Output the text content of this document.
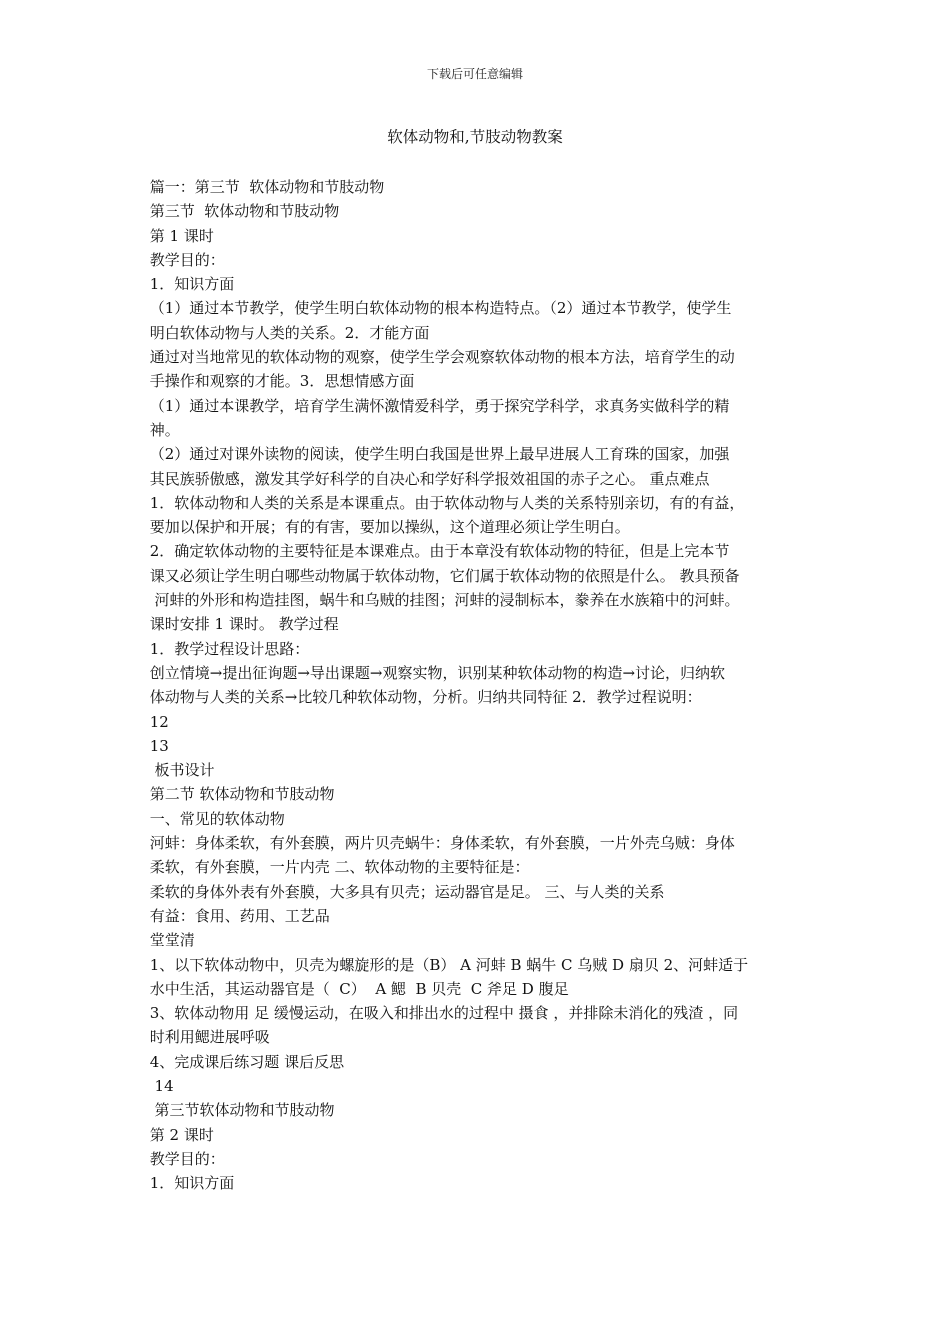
下载后可任意编辑
软体动物和,节肢动物教案
篇一：第三节  软体动物和节肢动物
第三节  软体动物和节肢动物
第 1 课时
教学目的：
1．知识方面
（1）通过本节教学，使学生明白软体动物的根本构造特点。（2）通过本节教学，使学生
明白软体动物与人类的关系。2．才能方面
通过对当地常见的软体动物的观察，使学生学会观察软体动物的根本方法，培育学生的动
手操作和观察的才能。3．思想情感方面
（1）通过本课教学，培育学生满怀激情爱科学，勇于探究学科学，求真务实做科学的精
神。
（2）通过对课外读物的阅读，使学生明白我国是世界上最早进展人工育珠的国家，加强
其民族骄傲感，激发其学好科学的自决心和学好科学报效祖国的赤子之心。 重点难点
1．软体动物和人类的关系是本课重点。由于软体动物与人类的关系特别亲切，有的有益，
要加以保护和开展；有的有害，要加以操纵，这个道理必须让学生明白。
2．确定软体动物的主要特征是本课难点。由于本章没有软体动物的特征，但是上完本节
课又必须让学生明白哪些动物属于软体动物，它们属于软体动物的依照是什么。 教具预备
河蚌的外形和构造挂图，蜗牛和乌贼的挂图；河蚌的浸制标本，豢养在水族箱中的河蚌。
课时安排 1 课时。 教学过程
1．教学过程设计思路：
创立情境→提出征询题→导出课题→观察实物，识别某种软体动物的构造→讨论，归纳软
体动物与人类的关系→比较几种软体动物，分析。归纳共同特征 2．教学过程说明：
12
13
板书设计
第二节 软体动物和节肢动物
一、常见的软体动物
河蚌：身体柔软，有外套膜，两片贝壳蜗牛：身体柔软，有外套膜，一片外壳乌贼：身体
柔软，有外套膜，一片内壳 二、软体动物的主要特征是：
柔软的身体外表有外套膜，大多具有贝壳；运动器官是足。 三、与人类的关系
有益：食用、药用、工艺品
堂堂清
1、以下软体动物中，贝壳为螺旋形的是（B） A 河蚌 B 蜗牛 C 乌贼 D 扇贝 2、河蚌适于
水中生活，其运动器官是（  C）  A 鳃  B 贝壳  C 斧足 D 腹足
3、软体动物用 足 缓慢运动，在吸入和排出水的过程中 摄食 ，并排除未消化的残渣 ，同
时利用鳃进展呼吸
4、完成课后练习题 课后反思
14
第三节软体动物和节肢动物
第 2 课时
教学目的：
1．知识方面
